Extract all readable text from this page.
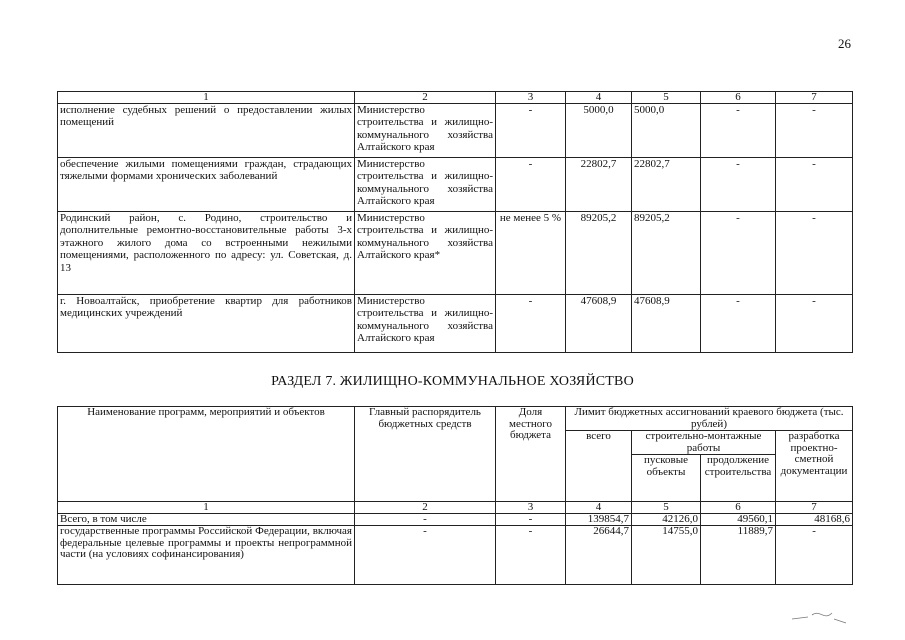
26
1	2	3	4	5	6	7
исполнение судебных решений о предоставлении жилых помещений	Министерство строительства и жилищно-коммунального хозяйства Алтайского края	-	5000,0	5000,0	-	-
обеспечение жилыми помещениями граждан, страдающих тяжелыми формами хронических заболеваний	Министерство строительства и жилищно-коммунального хозяйства Алтайского края	-	22802,7	22802,7	-	-
Родинский район, с. Родино, строительство и дополнительные ремонтно-восстановительные работы 3-х этажного жилого дома со встроенными нежилыми помещениями, расположенного по адресу: ул. Советская, д. 13	Министерство строительства и жилищно-коммунального хозяйства Алтайского края*	не менее 5 %	89205,2	89205,2	-	-
г. Новоалтайск, приобретение квартир для работников медицинских учреждений	Министерство строительства и жилищно-коммунального хозяйства Алтайского края	-	47608,9	47608,9	-	-
РАЗДЕЛ 7. ЖИЛИЩНО-КОММУНАЛЬНОЕ ХОЗЯЙСТВО
Наименование программ, мероприятий и объектов	Главный распорядитель бюджетных средств	Доля местного бюджета	Лимит бюджетных ассигнований краевого бюджета (тыс. рублей)			
			всего	строительно-монтажные работы		разработка проектно-сметной документации
				пусковые объекты	продолжение строительства	
1	2	3	4	5	6	7
Всего, в том числе	-	-	139854,7	42126,0	49560,1	48168,6
государственные программы Российской Федерации, включая федеральные целевые программы и проекты непрограммной части (на условиях софинансирования)	-	-	26644,7	14755,0	11889,7	-
